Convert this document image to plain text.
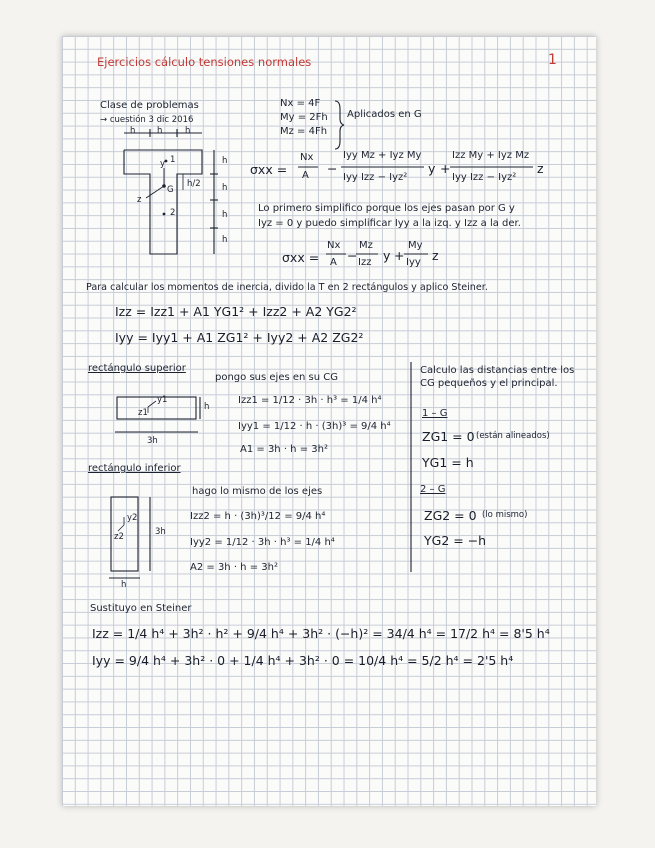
Ejercicios cálculo tensiones normales	1
Clase de problemas
→ cuestión 3 dic 2016
Nx = 4F
My = 2Fh
Mz = 4Fh
Aplicados en G
h	h	h
h
h
h
h
h/2
1
2
G
z
y	σxx =
Nx
A −
Iyy Mz + Iyz My
Iyy Izz − Iyz²
y +
Izz My + Iyz Mz
Iyy Izz − Iyz²
z
Lo primero simplifico porque los ejes pasan por G y
Iyz = 0 y puedo simplificar Iyy a la izq. y Izz a la der.
σxx =
Nx
A −
Mz
Izz y +
My
Iyy z
Para calcular los momentos de inercia, divido la T en 2 rectángulos y aplico Steiner.
Izz = Izz1 + A1 YG1² + Izz2 + A2 YG2²
Iyy = Iyy1 + A1 ZG1² + Iyy2 + A2 ZG2²
rectángulo superior
pongo sus ejes en su CG
h
3h
z1
y1	Izz1 = 1/12 · 3h · h³ = 1/4 h⁴
Iyy1 = 1/12 · h · (3h)³ = 9/4 h⁴
A1 = 3h · h = 3h²
rectángulo inferior
hago lo mismo de los ejes
3h
h
z2
y2	Izz2 = h · (3h)³/12 = 9/4 h⁴
Iyy2 = 1/12 · 3h · h³ = 1/4 h⁴
A2 = 3h · h = 3h²
Calculo las distancias entre los
CG pequeños y el principal.
1 – G
ZG1 = 0 (están alineados)
YG1 = h
2 – G
ZG2 = 0 (lo mismo)
YG2 = −h
Sustituyo en Steiner
Izz = 1/4 h⁴ + 3h² · h² + 9/4 h⁴ + 3h² · (−h)² = 34/4 h⁴ = 17/2 h⁴ = 8'5 h⁴
Iyy = 9/4 h⁴ + 3h² · 0 + 1/4 h⁴ + 3h² · 0 = 10/4 h⁴ = 5/2 h⁴ = 2'5 h⁴
